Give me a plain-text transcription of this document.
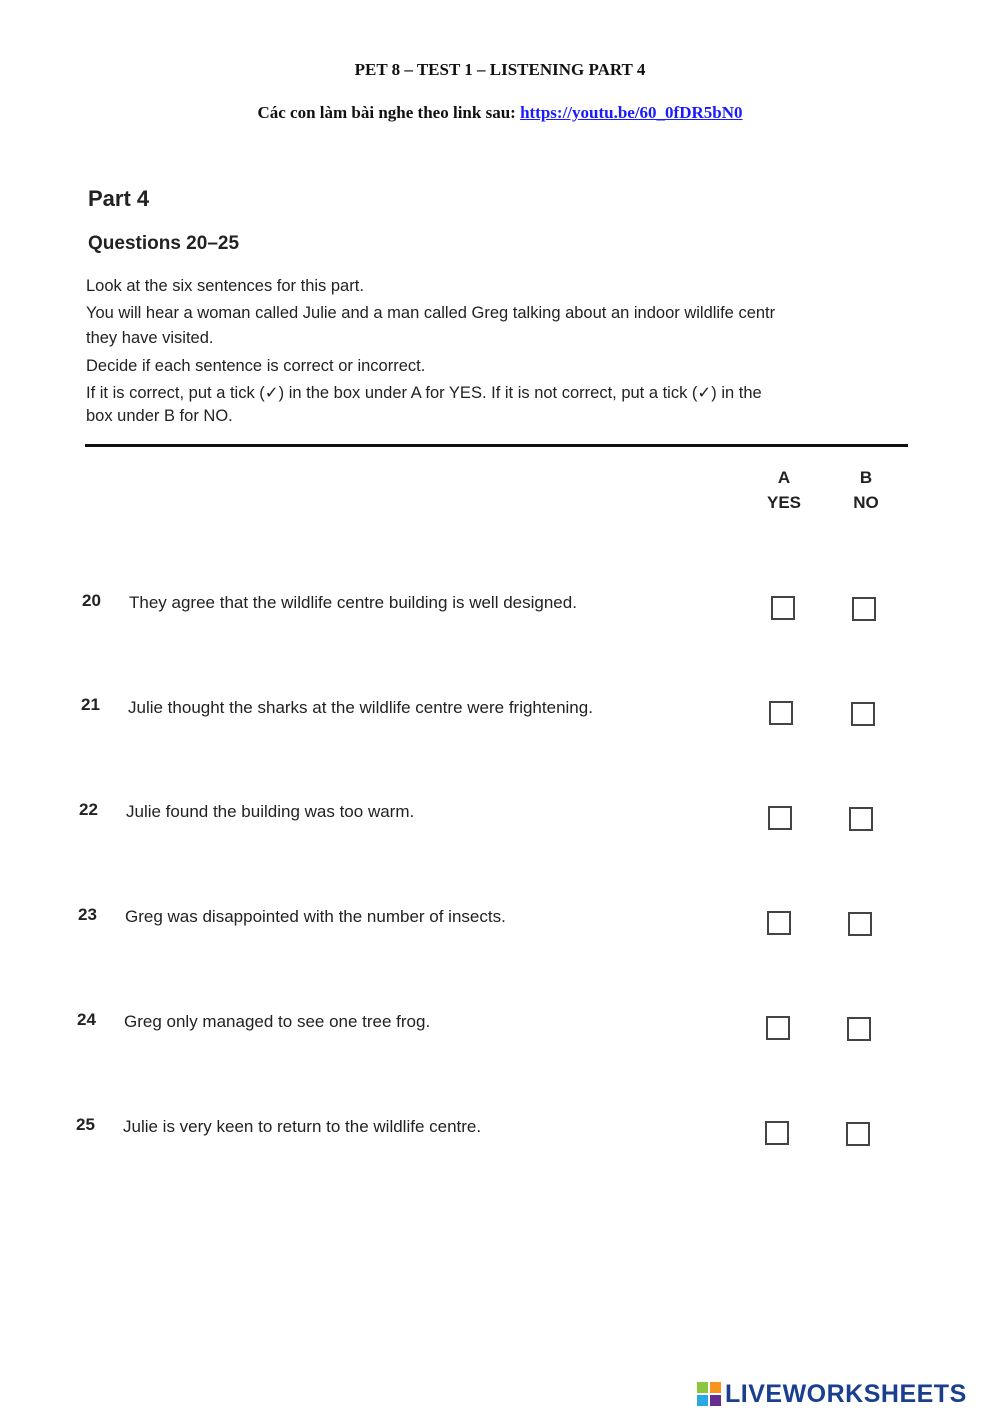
PET 8 – TEST 1 – LISTENING PART 4
Các con làm bài nghe theo link sau: https://youtu.be/60_0fDR5bN0
Part 4
Questions 20–25
Look at the six sentences for this part.
You will hear a woman called Julie and a man called Greg talking about an indoor wildlife centr
they have visited.
Decide if each sentence is correct or incorrect.
If it is correct, put a tick (✓) in the box under A for YES. If it is not correct, put a tick (✓) in the
box under B for NO.
A
YES
B
NO
20 They agree that the wildlife centre building is well designed.
21 Julie thought the sharks at the wildlife centre were frightening.
22 Julie found the building was too warm.
23 Greg was disappointed with the number of insects.
24 Greg only managed to see one tree frog.
25 Julie is very keen to return to the wildlife centre.
LIVEWORKSHEETS
